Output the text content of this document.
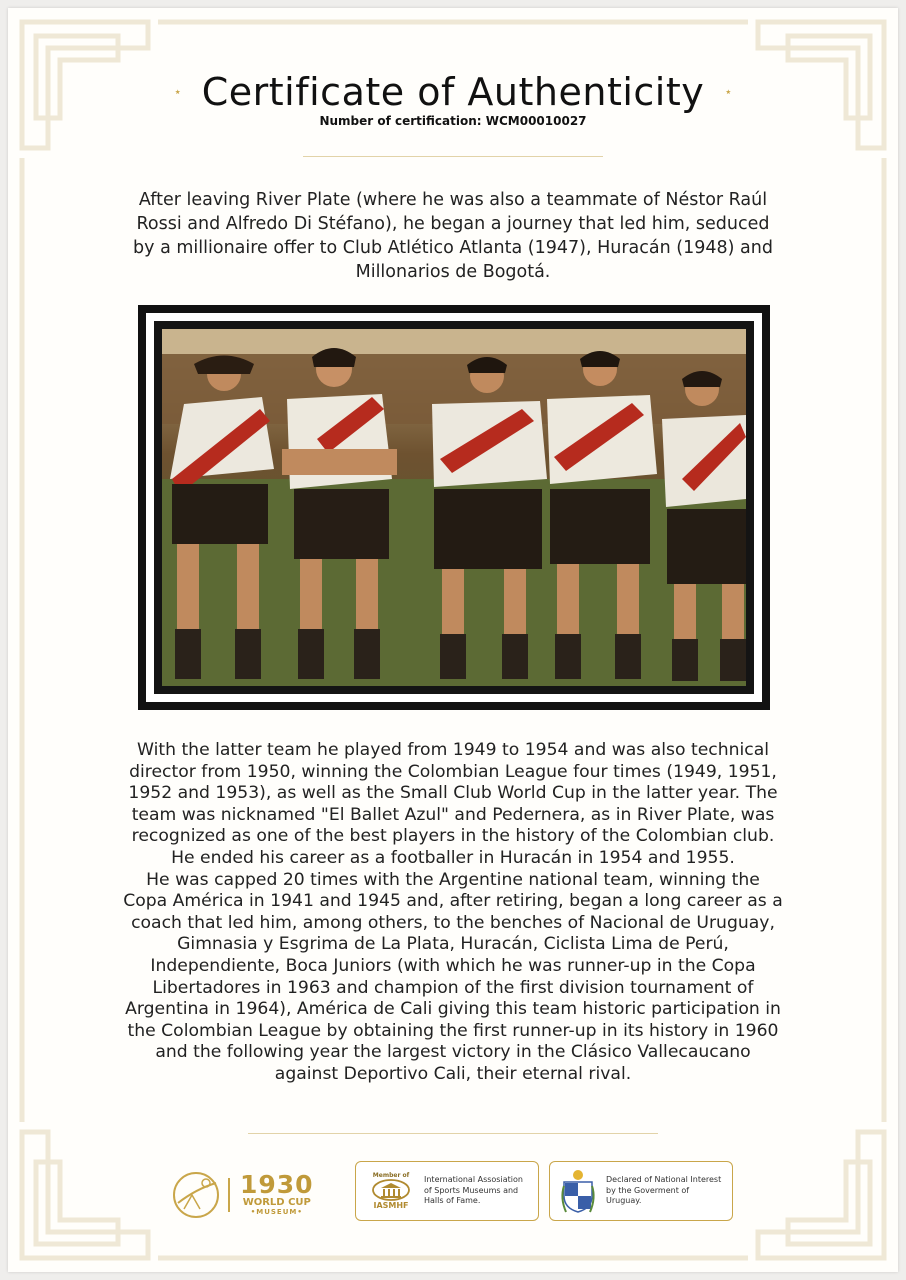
⋆ Certificate of Authenticity ⋆
Number of certification: WCM00010027
After leaving River Plate (where he was also a teammate of Néstor Raúl Rossi and Alfredo Di Stéfano), he began a journey that led him, seduced by a millionaire offer to Club Atlético Atlanta (1947), Huracán (1948) and Millonarios de Bogotá.

With the latter team he played from 1949 to 1954 and was also technical director from 1950, winning the Colombian League four times (1949, 1951, 1952 and 1953), as well as the Small Club World Cup in the latter year. The team was nicknamed "El Ballet Azul" and Pedernera, as in River Plate, was recognized as one of the best players in the history of the Colombian club. He ended his career as a footballer in Huracán in 1954 and 1955.

He was capped 20 times with the Argentine national team, winning the Copa América in 1941 and 1945 and, after retiring, began a long career as a coach that led him, among others, to the benches of Nacional de Uruguay, Gimnasia y Esgrima de La Plata, Huracán, Ciclista Lima de Perú, Independiente, Boca Juniors (with which he was runner-up in the Copa Libertadores in 1963 and champion of the first division tournament of Argentina in 1964), América de Cali giving this team historic participation in the Colombian League by obtaining the first runner-up in its history in 1960 and the following year the largest victory in the Clásico Vallecaucano against Deportivo Cali, their eternal rival.

1930
WORLD CUP
•MUSEUM•
Member of
IASMHF
International Assosiation of Sports Museums and Halls of Fame.
Declared of National Interest by the Goverment of Uruguay.
